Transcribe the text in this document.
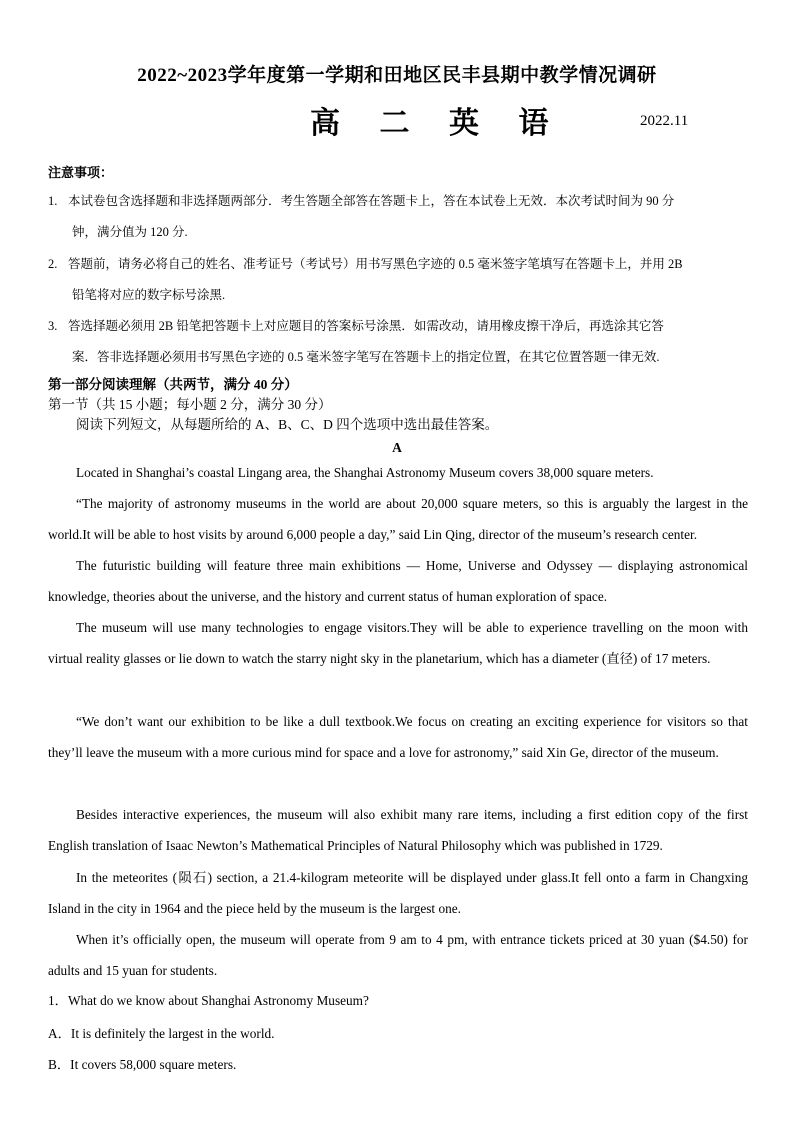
2022~2023学年度第一学期和田地区民丰县期中教学情况调研
高 二 英 语	2022.11
注意事项：
1. 本试卷包含选择题和非选择题两部分．考生答题全部答在答题卡上，答在本试卷上无效．本次考试时间为 90 分
钟，满分值为 120 分.
2. 答题前，请务必将自己的姓名、准考证号（考试号）用书写黑色字迹的 0.5 毫米签字笔填写在答题卡上，并用 2B
铅笔将对应的数字标号涂黑.
3. 答选择题必须用 2B 铅笔把答题卡上对应题目的答案标号涂黑．如需改动，请用橡皮擦干净后，再选涂其它答
案．答非选择题必须用书写黑色字迹的 0.5 毫米签字笔写在答题卡上的指定位置，在其它位置答题一律无效.
第一部分阅读理解（共两节，满分 40 分）
第一节（共 15 小题；每小题 2 分，满分 30 分）
阅读下列短文，从每题所给的 A、B、C、D 四个选项中选出最佳答案。
A
Located in Shanghai’s coastal Lingang area, the Shanghai Astronomy Museum covers 38,000 square meters.
“The majority of astronomy museums in the world are about 20,000 square meters, so this is arguably the largest in the world.It will be able to host visits by around 6,000 people a day,” said Lin Qing, director of the museum’s research center.
The futuristic building will feature three main exhibitions — Home, Universe and Odyssey — displaying astronomical knowledge, theories about the universe, and the history and current status of human exploration of space.
The museum will use many technologies to engage visitors.They will be able to experience travelling on the moon with virtual reality glasses or lie down to watch the starry night sky in the planetarium, which has a diameter (直径) of 17 meters.
“We don’t want our exhibition to be like a dull textbook.We focus on creating an exciting experience for visitors so that they’ll leave the museum with a more curious mind for space and a love for astronomy,” said Xin Ge, director of the museum.
Besides interactive experiences, the museum will also exhibit many rare items, including a first edition copy of the first English translation of Isaac Newton’s Mathematical Principles of Natural Philosophy which was published in 1729.
In the meteorites (陨石) section, a 21.4-kilogram meteorite will be displayed under glass.It fell onto a farm in Changxing Island in the city in 1964 and the piece held by the museum is the largest one.
When it’s officially open, the museum will operate from 9 am to 4 pm, with entrance tickets priced at 30 yuan ($4.50) for adults and 15 yuan for students.
1．What do we know about Shanghai Astronomy Museum?
A．It is definitely the largest in the world.
B．It covers 58,000 square meters.
